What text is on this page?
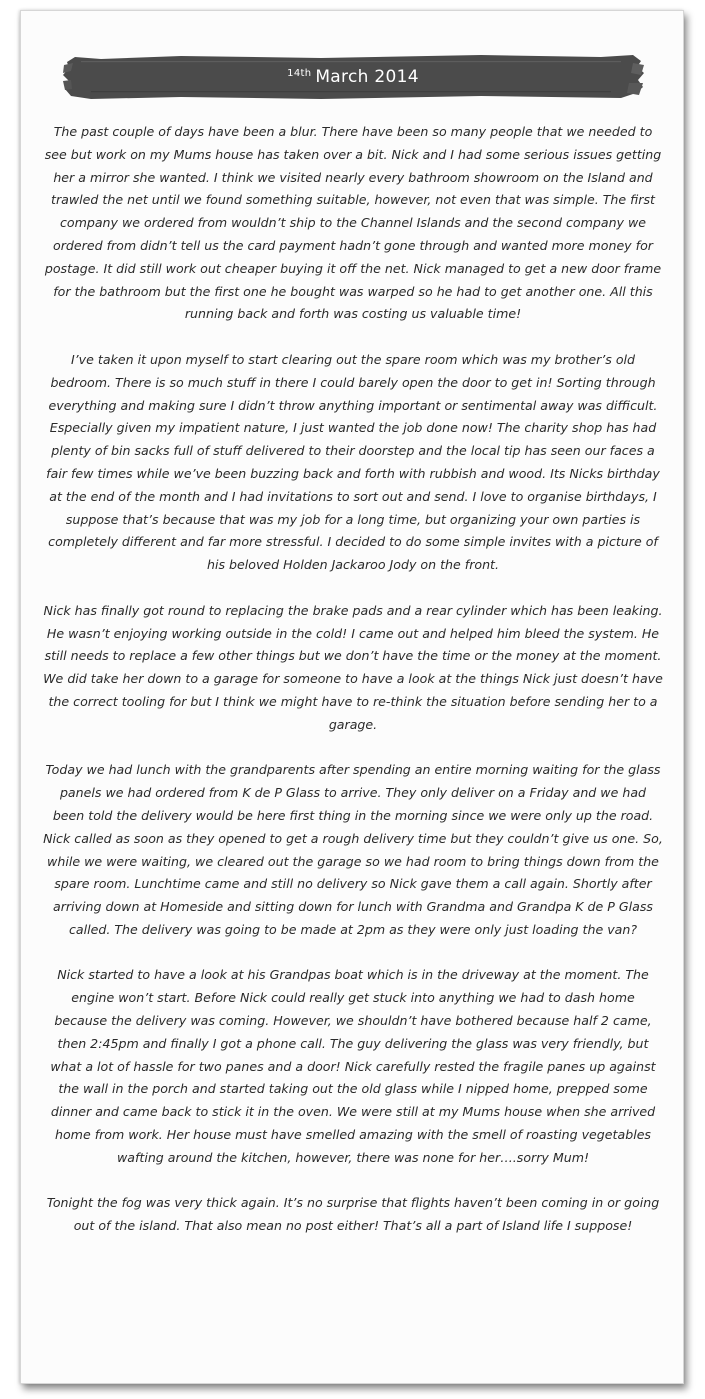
$^{14th}$ March 2014

The past couple of days have been a blur. There have been so many people that we needed to see but work on my Mums house has taken over a bit. Nick and I had some serious issues getting her a mirror she wanted. I think we visited nearly every bathroom showroom on the Island and trawled the net until we found something suitable, however, not even that was simple. The first company we ordered from wouldn’t ship to the Channel Islands and the second company we ordered from didn’t tell us the card payment hadn’t gone through and wanted more money for postage. It did still work out cheaper buying it off the net. Nick managed to get a new door frame for the bathroom but the first one he bought was warped so he had to get another one. All this running back and forth was costing us valuable time!

I’ve taken it upon myself to start clearing out the spare room which was my brother’s old bedroom. There is so much stuff in there I could barely open the door to get in! Sorting through everything and making sure I didn’t throw anything important or sentimental away was difficult. Especially given my impatient nature, I just wanted the job done now! The charity shop has had plenty of bin sacks full of stuff delivered to their doorstep and the local tip has seen our faces a fair few times while we’ve been buzzing back and forth with rubbish and wood. Its Nicks birthday at the end of the month and I had invitations to sort out and send. I love to organise birthdays, I suppose that’s because that was my job for a long time, but organizing your own parties is completely different and far more stressful. I decided to do some simple invites with a picture of his beloved Holden Jackaroo Jody on the front.

Nick has finally got round to replacing the brake pads and a rear cylinder which has been leaking. He wasn’t enjoying working outside in the cold! I came out and helped him bleed the system. He still needs to replace a few other things but we don’t have the time or the money at the moment. We did take her down to a garage for someone to have a look at the things Nick just doesn’t have the correct tooling for but I think we might have to re-think the situation before sending her to a garage.

Today we had lunch with the grandparents after spending an entire morning waiting for the glass panels we had ordered from K de P Glass to arrive. They only deliver on a Friday and we had been told the delivery would be here first thing in the morning since we were only up the road. Nick called as soon as they opened to get a rough delivery time but they couldn’t give us one. So, while we were waiting, we cleared out the garage so we had room to bring things down from the spare room. Lunchtime came and still no delivery so Nick gave them a call again. Shortly after arriving down at Homeside and sitting down for lunch with Grandma and Grandpa K de P Glass called. The delivery was going to be made at 2pm as they were only just loading the van?

Nick started to have a look at his Grandpas boat which is in the driveway at the moment. The engine won’t start. Before Nick could really get stuck into anything we had to dash home because the delivery was coming. However, we shouldn’t have bothered because half 2 came, then 2:45pm and finally I got a phone call. The guy delivering the glass was very friendly, but what a lot of hassle for two panes and a door! Nick carefully rested the fragile panes up against the wall in the porch and started taking out the old glass while I nipped home, prepped some dinner and came back to stick it in the oven. We were still at my Mums house when she arrived home from work. Her house must have smelled amazing with the smell of roasting vegetables wafting around the kitchen, however, there was none for her….sorry Mum!

Tonight the fog was very thick again. It’s no surprise that flights haven’t been coming in or going out of the island. That also mean no post either! That’s all a part of Island life I suppose!
